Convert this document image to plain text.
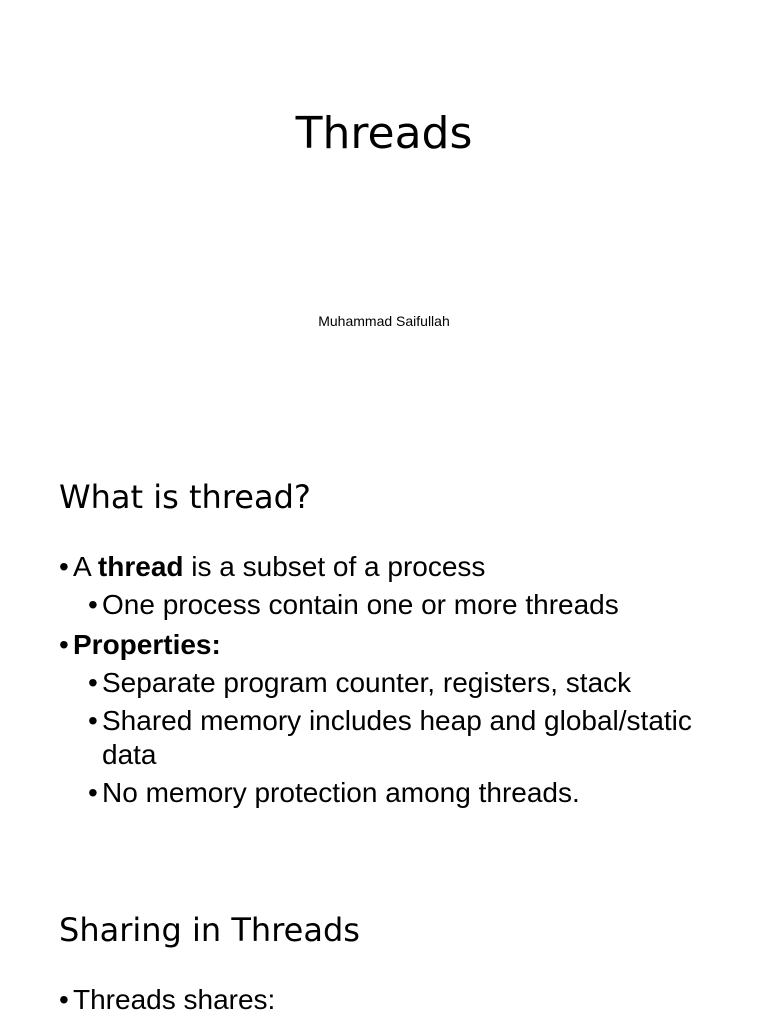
Threads
Muhammad Saifullah
What is thread?
• A thread is a subset of a process
• One process contain one or more threads
• Properties:
• Separate program counter, registers, stack
• Shared memory includes heap and global/static data
• No memory protection among threads.
Sharing in Threads
• Threads shares:
